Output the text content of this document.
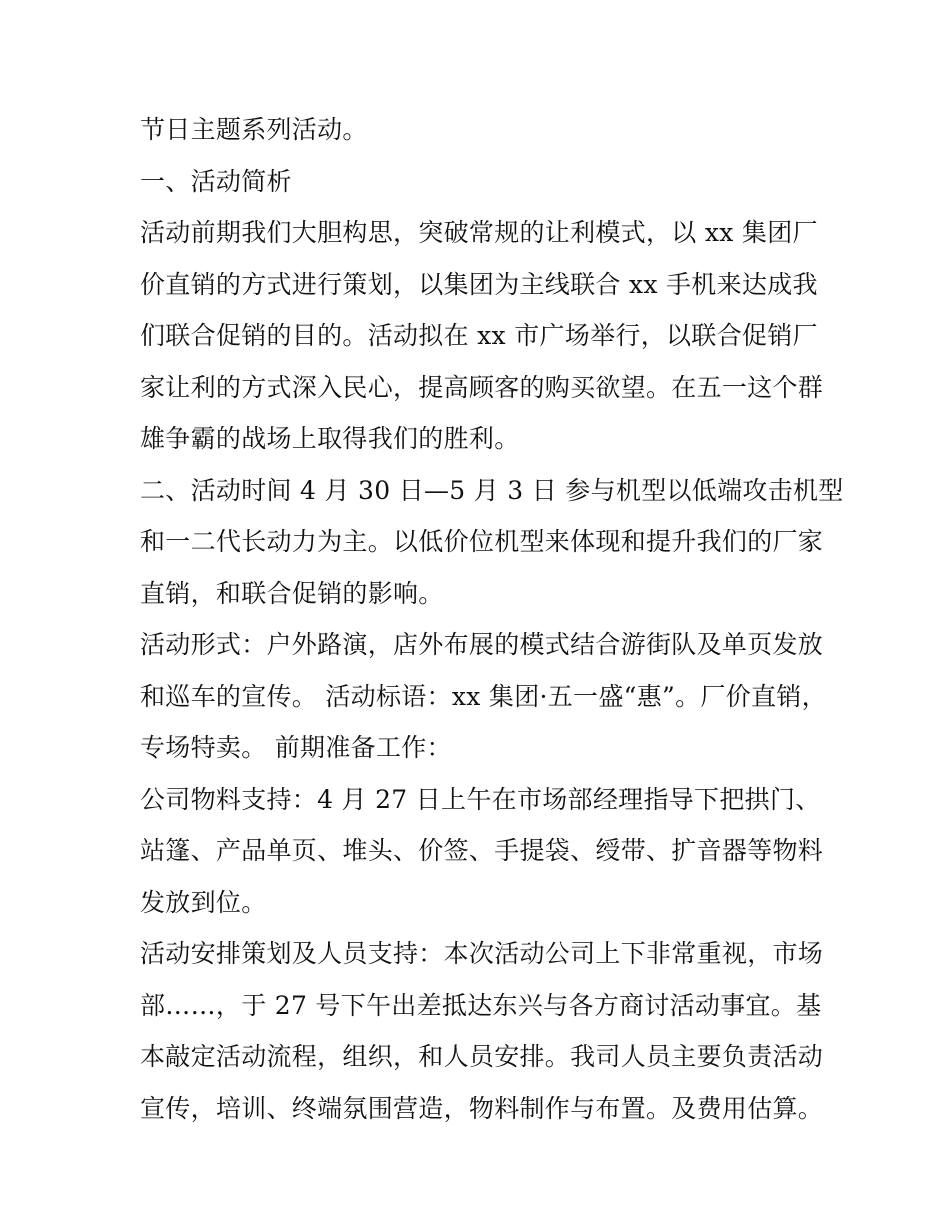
节日主题系列活动。
一、活动简析
活动前期我们大胆构思，突破常规的让利模式，以 xx 集团厂
价直销的方式进行策划，以集团为主线联合 xx 手机来达成我
们联合促销的目的。活动拟在 xx 市广场举行，以联合促销厂
家让利的方式深入民心，提高顾客的购买欲望。在五一这个群
雄争霸的战场上取得我们的胜利。
二、活动时间 4 月 30 日—5 月 3 日 参与机型以低端攻击机型
和一二代长动力为主。以低价位机型来体现和提升我们的厂家
直销，和联合促销的影响。
活动形式：户外路演，店外布展的模式结合游街队及单页发放
和巡车的宣传。 活动标语：xx 集团·五一盛“惠”。厂价直销，
专场特卖。 前期准备工作：
公司物料支持：4 月 27 日上午在市场部经理指导下把拱门、
站篷、产品单页、堆头、价签、手提袋、绶带、扩音器等物料
发放到位。
活动安排策划及人员支持：本次活动公司上下非常重视，市场
部……，于 27 号下午出差抵达东兴与各方商讨活动事宜。基
本敲定活动流程，组织，和人员安排。我司人员主要负责活动
宣传，培训、终端氛围营造，物料制作与布置。及费用估算。
